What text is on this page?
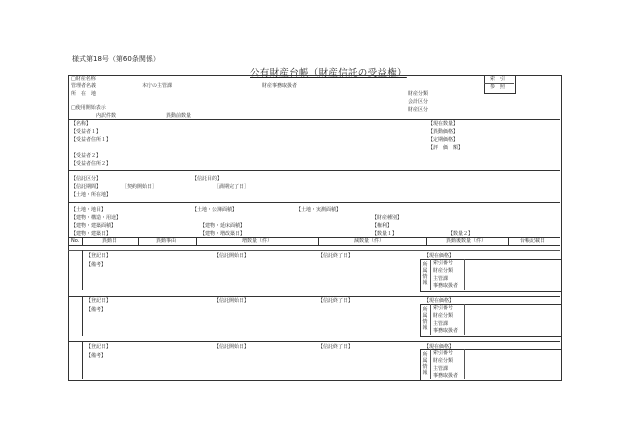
様式第18号（第60条関係）
公有財産台帳（財産信託の受益権）	索　引
参　照
□財産名称
管理者名義	本庁の主管課	財産事務取扱者
所　在　地	財産分類
会計区分
□使用開始表示	財産区分
内訳件数	異動前数量
【名称】
【受益者１】
【受益者住所１】
【受益者２】
【受益者住所２】
【現在数量】
【異動価格】
【定期価格】
【評　価　額】
【信託区分】	【信託目的】
【信託期間】	［契約開始日］	［満期完了日］
【土地・所在地】
【土地・地目】	【土地・公簿面積】	【土地・実測面積】
【建物・構造・用途】	【財産種別】
【建物・建築面積】	【建物・延床面積】	【権利】
【建物・建築日】	【建物・増改築日】	【数量１】	【数量２】
No.	異動日	異動事由	増数量（件）	減数量（件）	異動後数量（件）	台帳記載日
【登記日】	【信託開始日】	【信託終了日】	【現在価格】
【備考】	所属情報
索引番号
財産分類
主管課
事務取扱者
【登記日】	【信託開始日】	【信託終了日】	【現在価格】
【備考】	所属情報
索引番号
財産分類
主管課
事務取扱者
【登記日】	【信託開始日】	【信託終了日】	【現在価格】
【備考】	所属情報
索引番号
財産分類
主管課
事務取扱者
